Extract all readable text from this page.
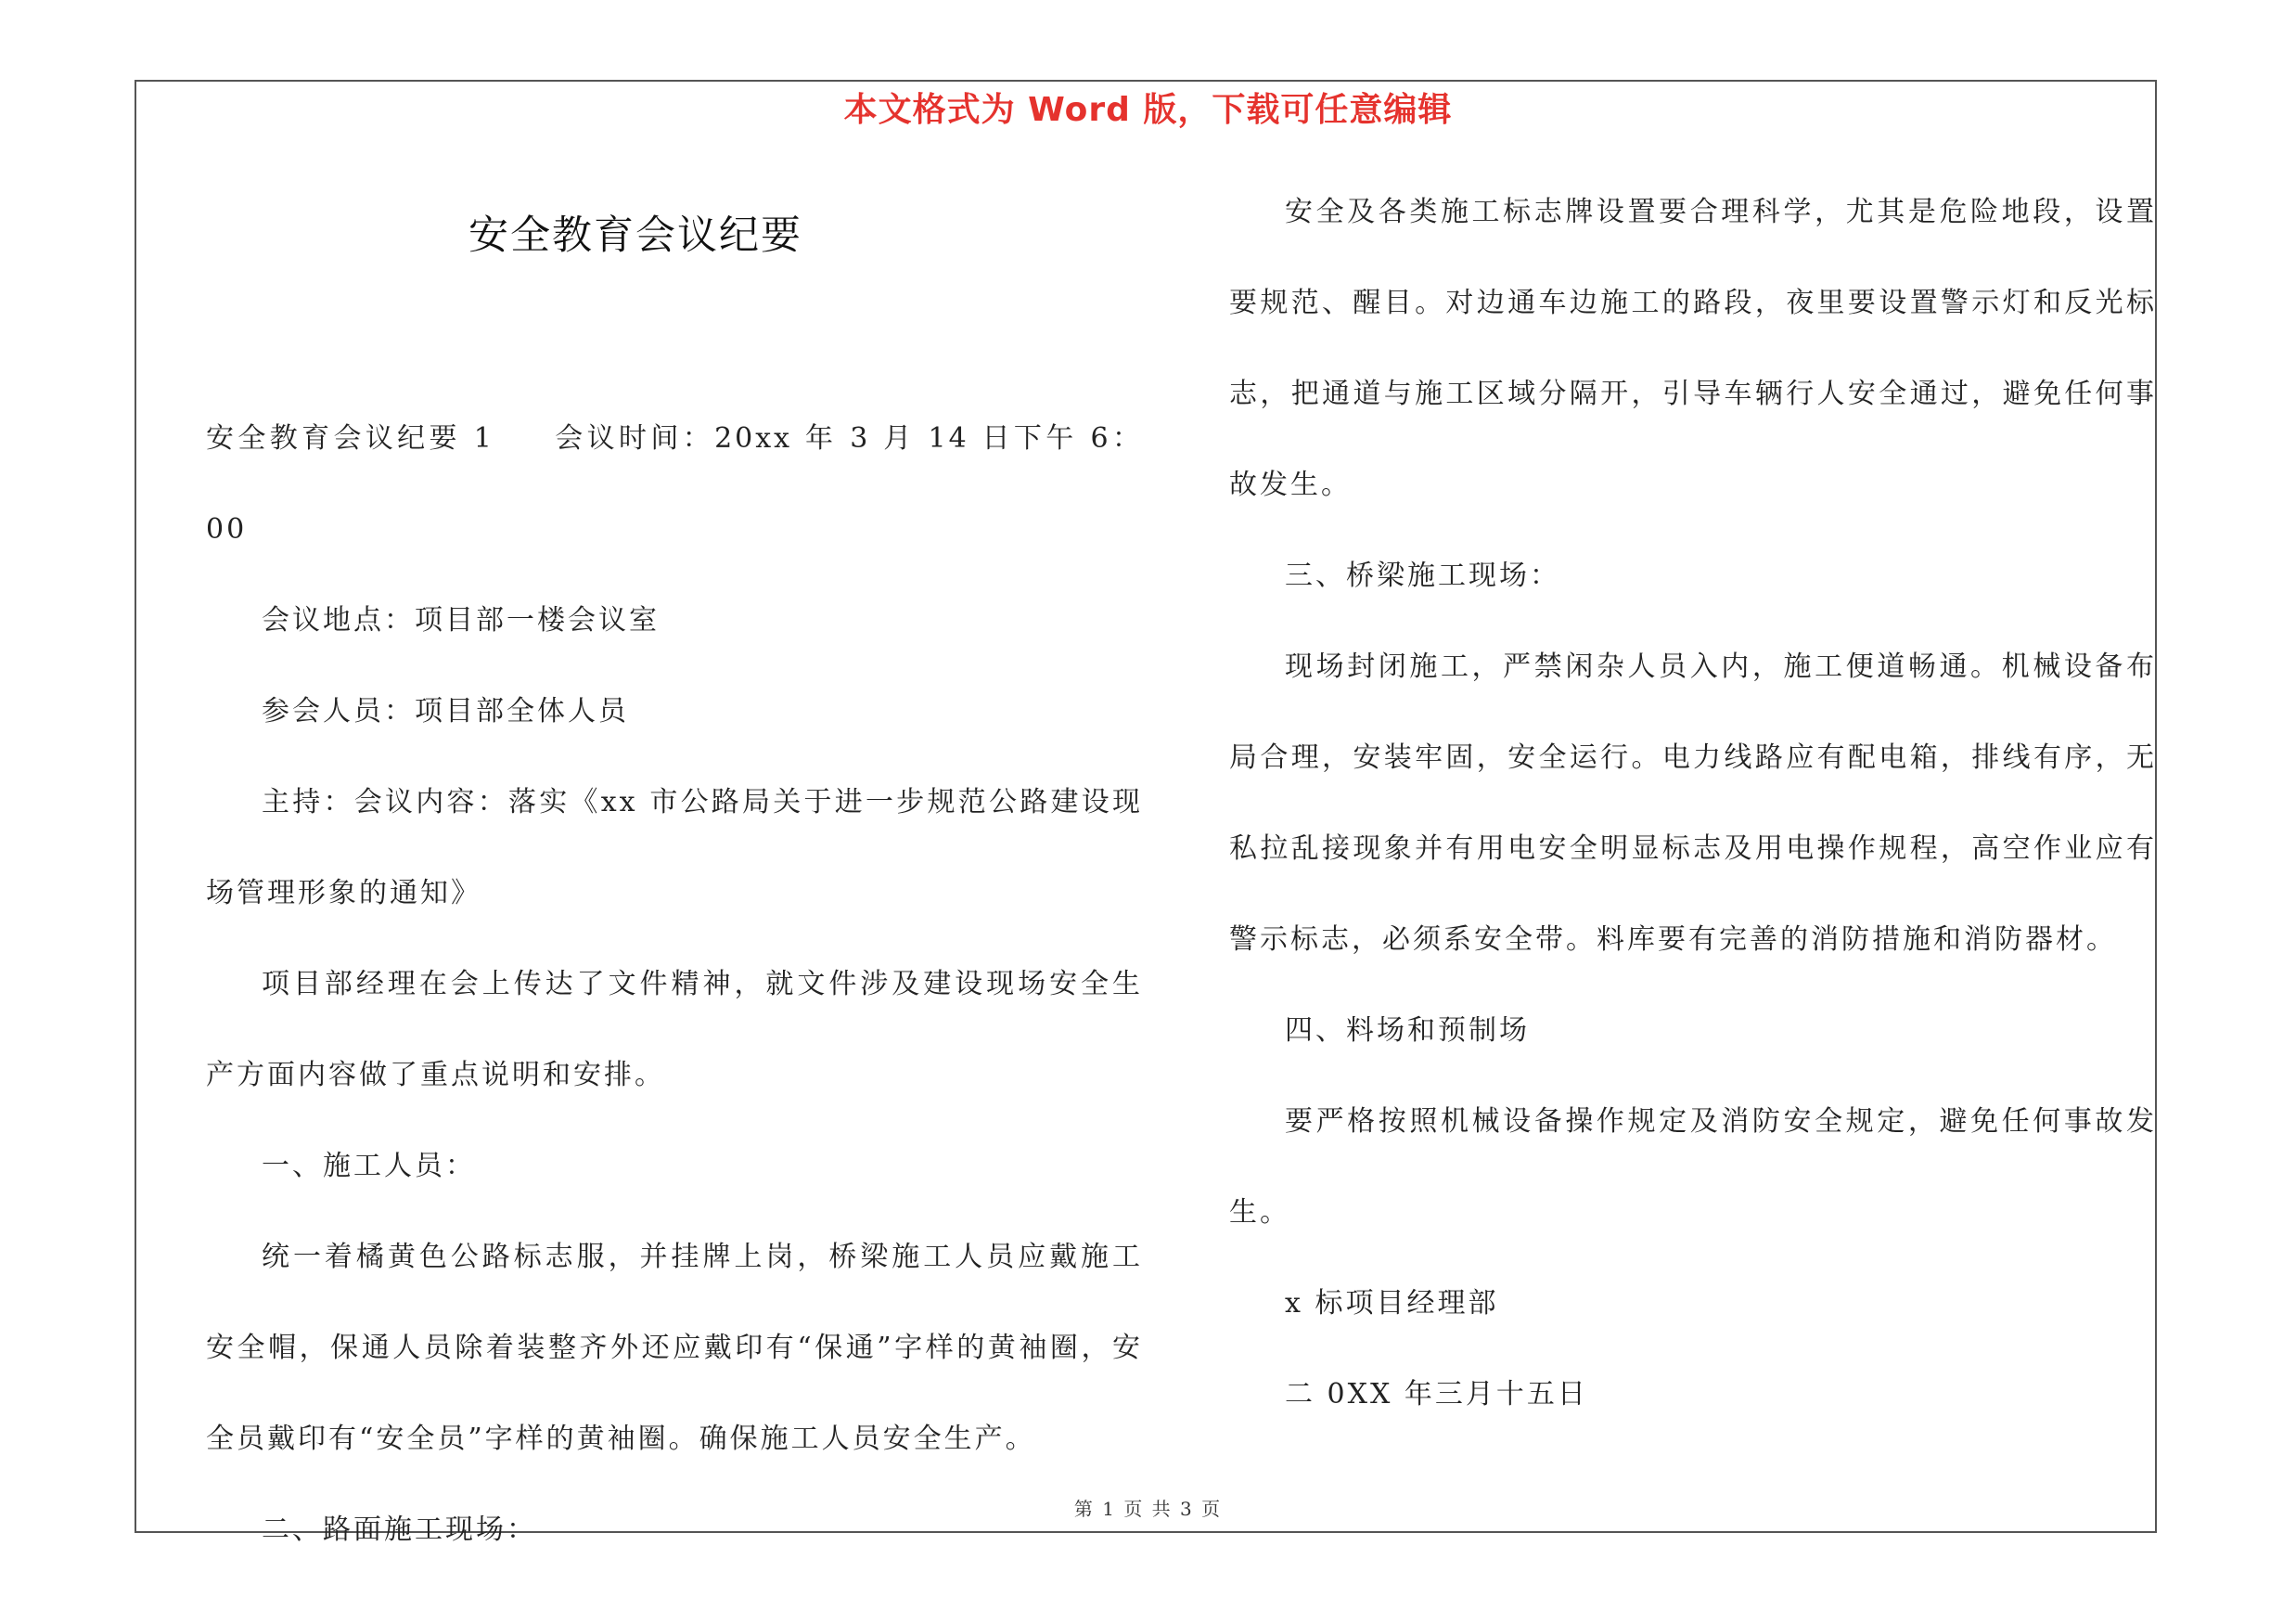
本文格式为 Word 版，下载可任意编辑
安全教育会议纪要

安全教育会议纪要 1 会议时间：20xx 年 3 月 14 日下午 6：00

会议地点：项目部一楼会议室

参会人员：项目部全体人员

主持：会议内容：落实《xx 市公路局关于进一步规范公路建设现场管理形象的通知》

项目部经理在会上传达了文件精神，就文件涉及建设现场安全生产方面内容做了重点说明和安排。

一、施工人员：

统一着橘黄色公路标志服，并挂牌上岗，桥梁施工人员应戴施工安全帽，保通人员除着装整齐外还应戴印有“保通”字样的黄袖圈，安全员戴印有“安全员”字样的黄袖圈。确保施工人员安全生产。

二、路面施工现场：

安全及各类施工标志牌设置要合理科学，尤其是危险地段，设置要规范、醒目。对边通车边施工的路段，夜里要设置警示灯和反光标志，把通道与施工区域分隔开，引导车辆行人安全通过，避免任何事故发生。

三、桥梁施工现场：

现场封闭施工，严禁闲杂人员入内，施工便道畅通。机械设备布局合理，安装牢固，安全运行。电力线路应有配电箱，排线有序，无私拉乱接现象并有用电安全明显标志及用电操作规程，高空作业应有警示标志，必须系安全带。料库要有完善的消防措施和消防器材。

四、料场和预制场

要严格按照机械设备操作规定及消防安全规定，避免任何事故发生。

x 标项目经理部

二 0XX 年三月十五日

第 1 页 共 3 页
